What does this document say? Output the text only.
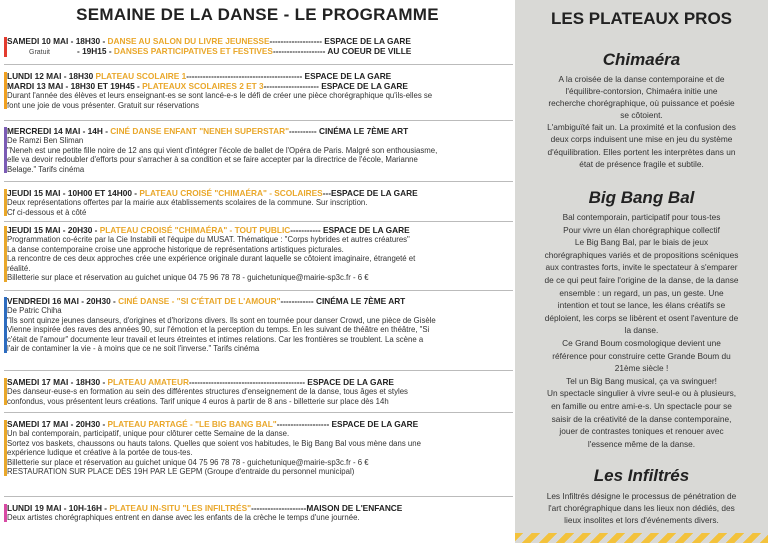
SEMAINE DE LA DANSE - LE PROGRAMME
SAMEDI 10 MAI - 18H30 - DANSE AU SALON DU LIVRE JEUNESSE------------------- ESPACE DE LA GARE
Gratuit	- 19H15 - DANSES PARTICIPATIVES ET FESTIVES------------------- AU COEUR DE VILLE
LUNDI 12 MAI - 18H30 PLATEAU SCOLAIRE 1------------------------------------------ ESPACE DE LA GARE
MARDI 13 MAI - 18H30 ET 19H45 - PLATEAUX SCOLAIRES 2 ET 3-------------------- ESPACE DE LA GARE
Durant l'année des élèves et leurs enseignant-es se sont lancé-e-s le défi de créer une pièce chorégraphique qu'ils-elles se
font une joie de vous présenter. Gratuit sur réservations
MERCREDI 14 MAI - 14H - CINÉ DANSE ENFANT "NENEH SUPERSTAR"---------- CINÉMA LE 7ÈME ART
De Ramzi Ben Sliman
"Neneh est une petite fille noire de 12 ans qui vient d'intégrer l'école de ballet de l'Opéra de Paris. Malgré son enthousiasme,
elle va devoir redoubler d'efforts pour s'arracher à sa condition et se faire accepter par la directrice de l'école, Marianne
Belage." Tarifs cinéma
JEUDI 15 MAI - 10H00 ET 14H00 - PLATEAU CROISÉ "CHIMAÉRA" - SCOLAIRES---ESPACE DE LA GARE
Deux représentations offertes par la mairie aux établissements scolaires de la commune. Sur inscription.
Cf ci-dessous et à côté
JEUDI 15 MAI - 20H30 - PLATEAU CROISÉ "CHIMAÉRA" - TOUT PUBLIC----------- ESPACE DE LA GARE
Programmation co-écrite par la Cie Instabili et l'équipe du MUSAT. Thématique : "Corps hybrides et autres créatures"
La danse contemporaine croise une approche historique de représentations artistiques picturales.
La rencontre de ces deux approches crée une expérience originale durant laquelle se côtoient imaginaire, étrangeté et
réalité.
Billetterie sur place et réservation au guichet unique 04 75 96 78 78 - guichetunique@mairie-sp3c.fr - 6 €
VENDREDI 16 MAI - 20H30 - CINÉ DANSE - "SI C'ÉTAIT DE L'AMOUR"------------ CINÉMA LE 7ÈME ART
De Patric Chiha
"Ils sont quinze jeunes danseurs, d'origines et d'horizons divers. Ils sont en tournée pour danser Crowd, une pièce de Gisèle
Vienne inspirée des raves des années 90, sur l'émotion et la perception du temps. En les suivant de théâtre en théâtre, "Si
c'était de l'amour" documente leur travail et leurs étreintes et intimes relations. Car les frontières se troublent. La scène a
l'air de contaminer la vie - à moins que ce ne soit l'inverse." Tarifs cinéma
SAMEDI 17 MAI - 18H30 - PLATEAU AMATEUR------------------------------------------ ESPACE DE LA GARE
Des danseur-euse-s en formation au sein des différentes structures d'enseignement de la danse, tous âges et styles
confondus, vous présentent leurs créations. Tarif unique 4 euros à partir de 8 ans - billetterie sur place dès 14h
SAMEDI 17 MAI - 20H30 - PLATEAU PARTAGÉ - "LE BIG BANG BAL"------------------- ESPACE DE LA GARE
Un bal contemporain, participatif, unique pour clôturer cette Semaine de la danse.
Sortez vos baskets, chaussons ou hauts talons. Quelles que soient vos habitudes, le Big Bang Bal vous mène dans une
expérience ludique et créative à la portée de tous-tes.
Billetterie sur place et réservation au guichet unique 04 75 96 78 78 - guichetunique@mairie-sp3c.fr - 6 €
RESTAURATION SUR PLACE DÈS 19H PAR LE GEPM (Groupe d'entraide du personnel municipal)
LUNDI 19 MAI - 10H-16H - PLATEAU IN-SITU "LES INFILTRÉS"--------------------MAISON DE L'ENFANCE
Deux artistes chorégraphiques entrent en danse avec les enfants de la crèche le temps d'une journée.
LES PLATEAUX PROS
Chimaéra
A la croisée de la danse contemporaine et de
l'équilibre-contorsion, Chimaéra initie une
recherche chorégraphique, où puissance et poésie
se côtoient.
L'ambiguïté fait un. La proximité et la confusion des
deux corps induisent une mise en jeu du système
d'équilibration. Elles portent les interprètes dans un
état de présence fragile et subtile.
Big Bang Bal
Bal contemporain, participatif pour tous-tes
Pour vivre un élan chorégraphique collectif
Le Big Bang Bal, par le biais de jeux
chorégraphiques variés et de propositions scéniques
aux contrastes forts, invite le spectateur à s'emparer
de ce qui peut faire l'origine de la danse, de la danse
ensemble : un regard, un pas, un geste. Une
intention et tout se lance, les élans créatifs se
déploient, les corps se libèrent et osent l'aventure de
la danse.
Ce Grand Boum cosmologique devient une
référence pour construire cette Grande Boum du
21ème siècle !
Tel un Big Bang musical, ça va swinguer!
Un spectacle singulier à vivre seul-e ou à plusieurs,
en famille ou entre ami-e-s. Un spectacle pour se
saisir de la créativité de la danse contemporaine,
jouer de contrastes toniques et renouer avec
l'essence même de la danse.
Les Infiltrés
Les Infiltrés désigne le processus de pénétration de
l'art chorégraphique dans les lieux non dédiés, des
lieux insolites et lors d'événements divers.
